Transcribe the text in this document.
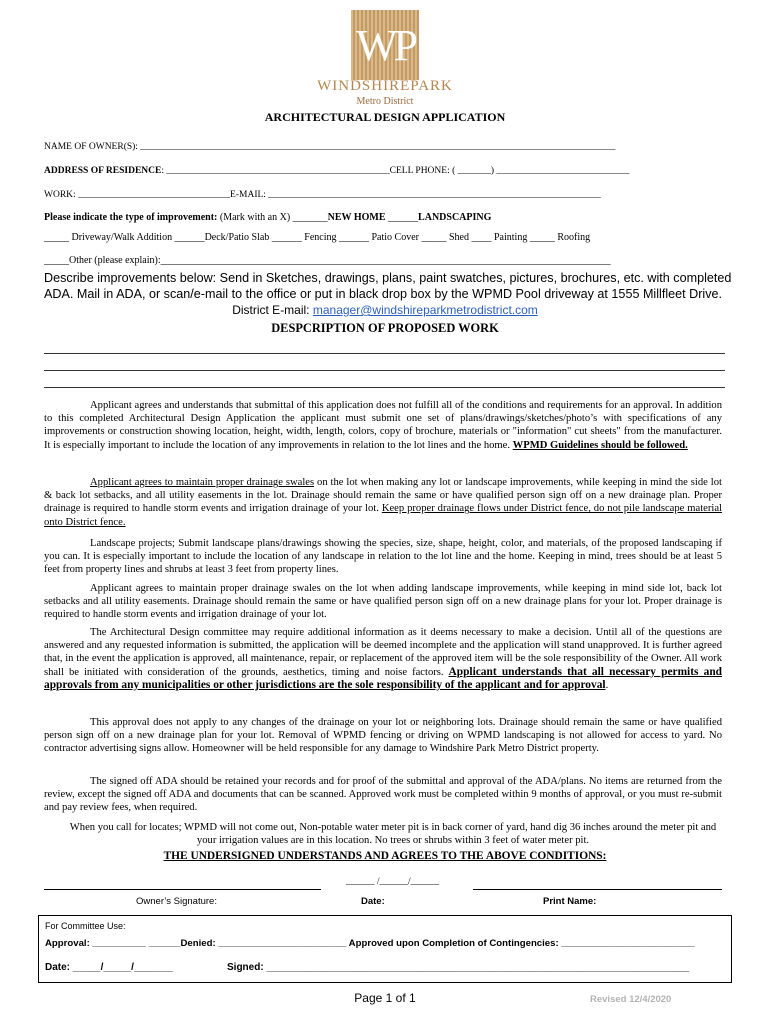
WP
WINDSHIREPARK
Metro District
ARCHITECTURAL DESIGN APPLICATION
NAME OF OWNER(S): ____________________________________________________________________________________________________
ADDRESS OF RESIDENCE: _______________________________________________CELL PHONE: ( _______) ____________________________
WORK: ________________________________E-MAIL: ______________________________________________________________________
Please indicate the type of improvement: (Mark with an X) _______NEW HOME ______LANDSCAPING
_____ Driveway/Walk Addition ______Deck/Patio Slab ______ Fencing ______ Patio Cover _____ Shed ____ Painting _____ Roofing
_____Other (please explain):__________________________________________________________________________________________
Describe improvements below: Send in Sketches, drawings, plans, paint swatches, pictures, brochures, etc. with completed ADA. Mail in ADA, or scan/e-mail to the office or put in black drop box by the WPMD Pool driveway at 1555 Millfleet Drive.
District E-mail: manager@windshireparkmetrodistrict.com
DESPCRIPTION OF PROPOSED WORK
Applicant agrees and understands that submittal of this application does not fulfill all of the conditions and requirements for an approval. In addition to this completed Architectural Design Application the applicant must submit one set of plans/drawings/sketches/photo’s with specifications of any improvements or construction showing location, height, width, length, colors, copy of brochure, materials or "information" cut sheets" from the manufacturer. It is especially important to include the location of any improvements in relation to the lot lines and the home. WPMD Guidelines should be followed.
Applicant agrees to maintain proper drainage swales on the lot when making any lot or landscape improvements, while keeping in mind the side lot & back lot setbacks, and all utility easements in the lot. Drainage should remain the same or have qualified person sign off on a new drainage plan. Proper drainage is required to handle storm events and irrigation drainage of your lot. Keep proper drainage flows under District fence, do not pile landscape material onto District fence.
Landscape projects; Submit landscape plans/drawings showing the species, size, shape, height, color, and materials, of the proposed landscaping if you can. It is especially important to include the location of any landscape in relation to the lot line and the home. Keeping in mind, trees should be at least 5 feet from property lines and shrubs at least 3 feet from property lines.
Applicant agrees to maintain proper drainage swales on the lot when adding landscape improvements, while keeping in mind side lot, back lot setbacks and all utility easements. Drainage should remain the same or have qualified person sign off on a new drainage plans for your lot. Proper drainage is required to handle storm events and irrigation drainage of your lot.
The Architectural Design committee may require additional information as it deems necessary to make a decision. Until all of the questions are answered and any requested information is submitted, the application will be deemed incomplete and the application will stand unapproved. It is further agreed that, in the event the application is approved, all maintenance, repair, or replacement of the approved item will be the sole responsibility of the Owner. All work shall be initiated with consideration of the grounds, aesthetics, timing and noise factors. Applicant understands that all necessary permits and approvals from any municipalities or other jurisdictions are the sole responsibility of the applicant and for approval.
This approval does not apply to any changes of the drainage on your lot or neighboring lots. Drainage should remain the same or have qualified person sign off on a new drainage plan for your lot. Removal of WPMD fencing or driving on WPMD landscaping is not allowed for access to yard. No contractor advertising signs allow. Homeowner will be held responsible for any damage to Windshire Park Metro District property.
The signed off ADA should be retained your records and for proof of the submittal and approval of the ADA/plans. No items are returned from the review, except the signed off ADA and documents that can be scanned. Approved work must be completed within 9 months of approval, or you must re-submit and pay review fees, when required.
When you call for locates; WPMD will not come out, Non-potable water meter pit is in back corner of yard, hand dig 36 inches around the meter pit and your irrigation values are in this location. No trees or shrubs within 3 feet of water meter pit.
THE UNDERSIGNED UNDERSTANDS AND AGREES TO THE ABOVE CONDITIONS:
______ /______/______
Owner’s Signature:	Date:	Print Name:
For Committee Use:
Approval: __________ ______Denied: ________________________ Approved upon Completion of Contingencies: _________________________
Date: _____/_____/_______	Signed: ____________________________________________________________________________
Page 1 of 1	Revised 12/4/2020
